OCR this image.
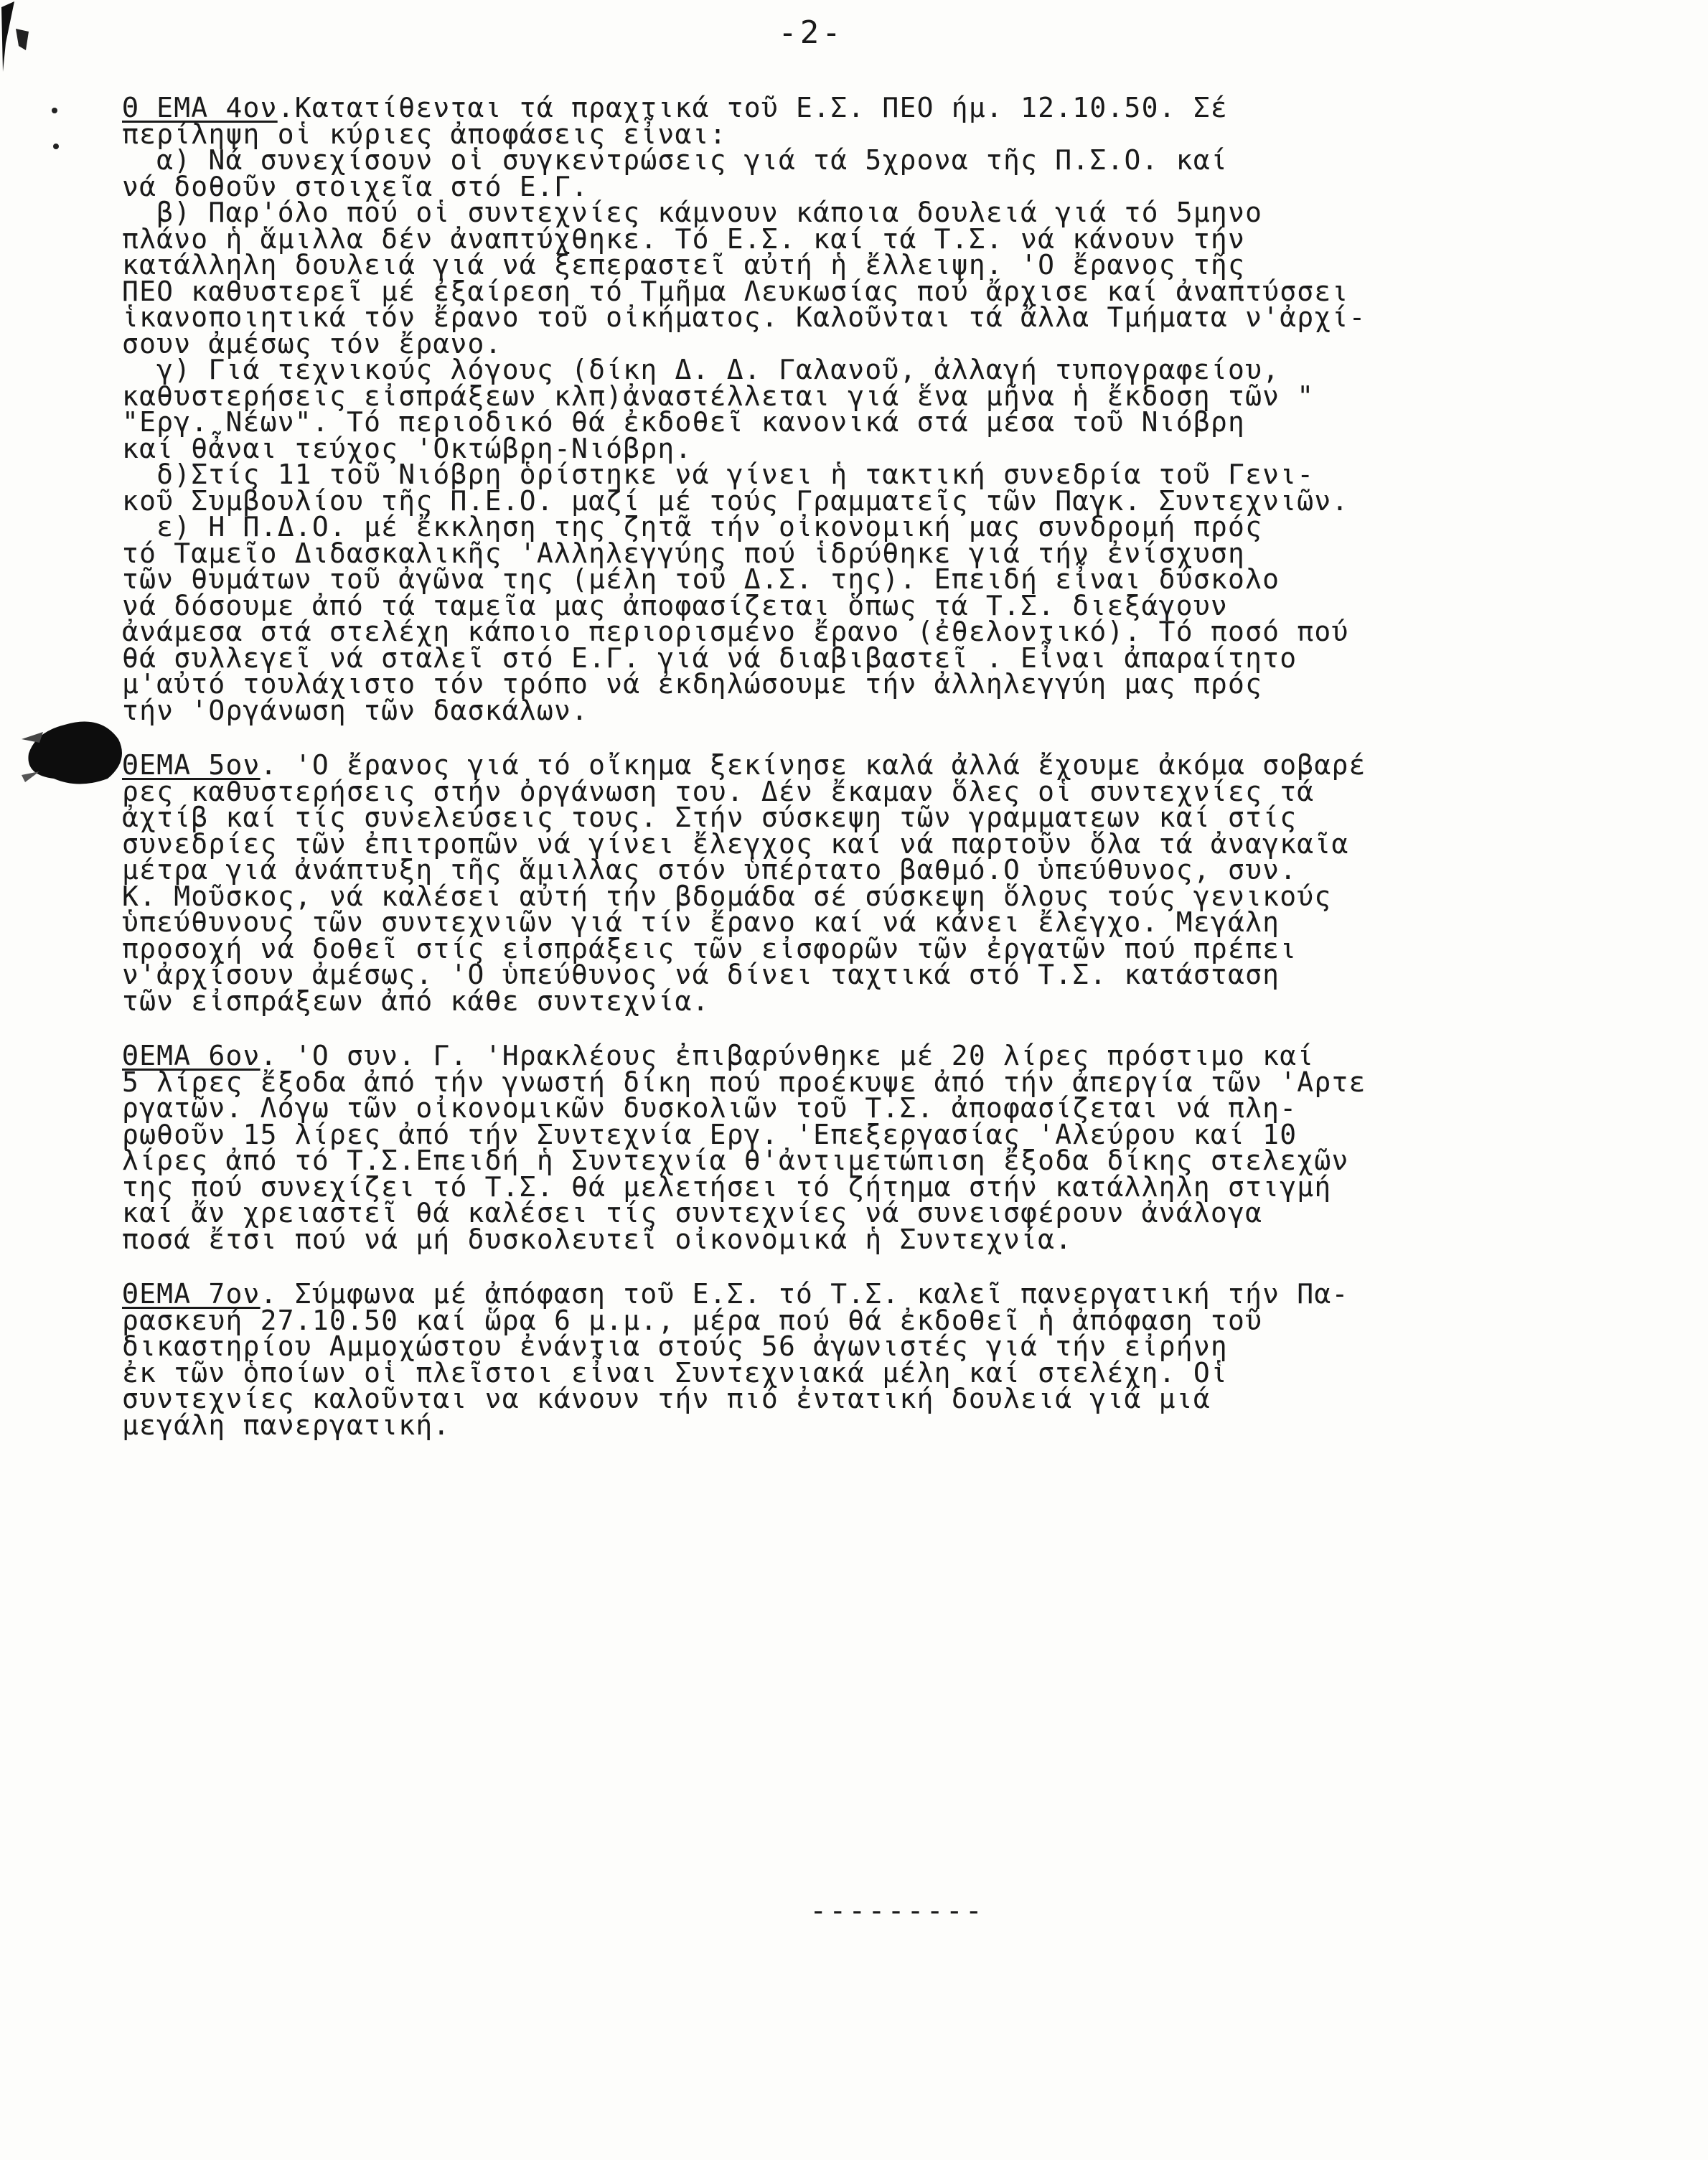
-2-
Θ ΕΜΑ 4ον.Κατατίθενται τά πραχτικά τοῦ Ε.Σ. ΠΕΟ ήμ. 12.10.50. Σέ
περίληψη οἱ κύριες ἀποφάσεις εἶναι:
α) Νά συνεχίσουν οἱ συγκεντρώσεις γιά τά 5χρονα τῆς Π.Σ.Ο. καί
νά δοθοῦν στοιχεῖα στό Ε.Γ.
β) Παρ'όλο πού οἱ συντεχνίες κάμνουν κάποια δουλειά γιά τό 5μηνο
πλάνο ἡ ἅμιλλα δέν ἀναπτύχθηκε. Τό Ε.Σ. καί τά Τ.Σ. νά κάνουν τήν
κατάλληλη δουλειά γιά νά ξεπεραστεῖ αὐτή ἡ ἔλλειψη. 'Ο ἔρανος τῆς
ΠΕΟ καθυστερεῖ μέ ἐξαίρεση τό Τμῆμα Λευκωσίας πού ἄρχισε καί ἀναπτύσσει
ἱκανοποιητικά τόν ἔρανο τοῦ οἰκήματος. Καλοῦνται τά ἄλλα Τμήματα ν'ἀρχί-
σουν ἀμέσως τόν ἔρανο.
γ) Γιά τεχνικούς λόγους (δίκη Δ. Δ. Γαλανοῦ, ἀλλαγή τυπογραφείου,
καθυστερήσεις εἰσπράξεων κλπ)ἀναστέλλεται γιά ἕνα μῆνα ἡ ἔκδοση τῶν "
"Εργ. Νέων". Τό περιοδικό θά ἐκδοθεῖ κανονικά στά μέσα τοῦ Νιόβρη
καί θἆναι τεύχος 'Οκτώβρη-Νιόβρη.
δ)Στίς 11 τοῦ Νιόβρη ὁρίστηκε νά γίνει ἡ τακτική συνεδρία τοῦ Γενι-
κοῦ Συμβουλίου τῆς Π.Ε.Ο. μαζί μέ τούς Γραμματεῖς τῶν Παγκ. Συντεχνιῶν.
ε) Η Π.Δ.Ο. μέ ἔκκληση της ζητᾶ τήν οἰκονομική μας συνδρομή πρός
τό Ταμεῖο Διδασκαλικῆς 'Αλληλεγγύης πού ἱδρύθηκε γιά τήν ἐνίσχυση
τῶν θυμάτων τοῦ ἀγῶνα της (μέλη τοῦ Δ.Σ. της). Επειδή εἶναι δύσκολο
νά δόσουμε ἀπό τά ταμεῖα μας ἀποφασίζεται ὅπως τά Τ.Σ. διεξάγουν
ἀνάμεσα στά στελέχη κάποιο περιορισμένο ἔρανο (ἐθελοντικό). Τό ποσό πού
θά συλλεγεῖ νά σταλεῖ στό Ε.Γ. γιά νά διαβιβαστεῖ . Εἶναι ἀπαραίτητο
μ'αὐτό τουλάχιστο τόν τρόπο νά ἐκδηλώσουμε τήν ἀλληλεγγύη μας πρός
τήν 'Οργάνωση τῶν δασκάλων.
ΘΕΜΑ 5ον. 'Ο ἔρανος γιά τό οἴκημα ξεκίνησε καλά ἀλλά ἔχουμε ἀκόμα σοβαρέ
ρες καθυστερήσεις στήν ὀργάνωση του. Δέν ἔκαμαν ὅλες οἱ συντεχνίες τά
ἀχτίβ καί τίς συνελεύσεις τους. Στήν σύσκεψη τῶν γραμματεων καί στίς
συνεδρίες τῶν ἐπιτροπῶν νά γίνει ἔλεγχος καί νά παρτοῦν ὅλα τά ἀναγκαῖα
μέτρα γιά ἀνάπτυξη τῆς ἅμιλλας στόν ὑπέρτατο βαθμό.Ο ὑπεύθυνος, συν.
Κ. Μοῦσκος, νά καλέσει αὐτή τήν βδομάδα σέ σύσκεψη ὅλους τούς γενικούς
ὑπεύθυνους τῶν συντεχνιῶν γιά τίν ἔρανο καί νά κάνει ἔλεγχο. Μεγάλη
προσοχή νά δοθεῖ στίς εἰσπράξεις τῶν εἰσφορῶν τῶν ἐργατῶν πού πρέπει
ν'ἀρχίσουν ἀμέσως. 'Ο ὑπεύθυνος νά δίνει ταχτικά στό Τ.Σ. κατάσταση
τῶν εἰσπράξεων ἀπό κάθε συντεχνία.
ΘΕΜΑ 6ον. 'Ο συν. Γ. 'Ηρακλέους ἐπιβαρύνθηκε μέ 20 λίρες πρόστιμο καί
5 λίρες ἔξοδα ἀπό τήν γνωστή δίκη πού προέκυψε ἀπό τήν ἀπεργία τῶν 'Αρτε
ργατῶν. Λόγω τῶν οἰκονομικῶν δυσκολιῶν τοῦ Τ.Σ. ἀποφασίζεται νά πλη-
ρωθοῦν 15 λίρες ἀπό τήν Συντεχνία Εργ. 'Επεξεργασίας 'Αλεύρου καί 10
λίρες ἀπό τό Τ.Σ.Επειδή ἡ Συντεχνία θ'ἀντιμετώπιση ἔξοδα δίκης στελεχῶν
της πού συνεχίζει τό Τ.Σ. θά μελετήσει τό ζήτημα στήν κατάλληλη στιγμή
καί ἄν χρειαστεῖ θά καλέσει τίς συντεχνίες νά συνεισφέρουν ἀνάλογα
ποσά ἔτσι πού νά μή δυσκολευτεῖ οἰκονομικά ἡ Συντεχνία.
ΘΕΜΑ 7ον. Σύμφωνα μέ ἀπόφαση τοῦ Ε.Σ. τό Τ.Σ. καλεῖ πανεργατική τήν Πα-
ρασκευή 27.10.50 καί ὥρα 6 μ.μ., μέρα πού θά ἐκδοθεῖ ἡ ἀπόφαση τοῦ
δικαστηρίου Αμμοχώστου ἐνάντια στούς 56 ἀγωνιστές γιά τήν εἰρήνη
ἐκ τῶν ὁποίων οἱ πλεῖστοι εἶναι Συντεχνιακά μέλη καί στελέχη. Οἱ
συντεχνίες καλοῦνται να κάνουν τήν πιό ἐντατική δουλειά γιά μιά
μεγάλη πανεργατική.
---------
